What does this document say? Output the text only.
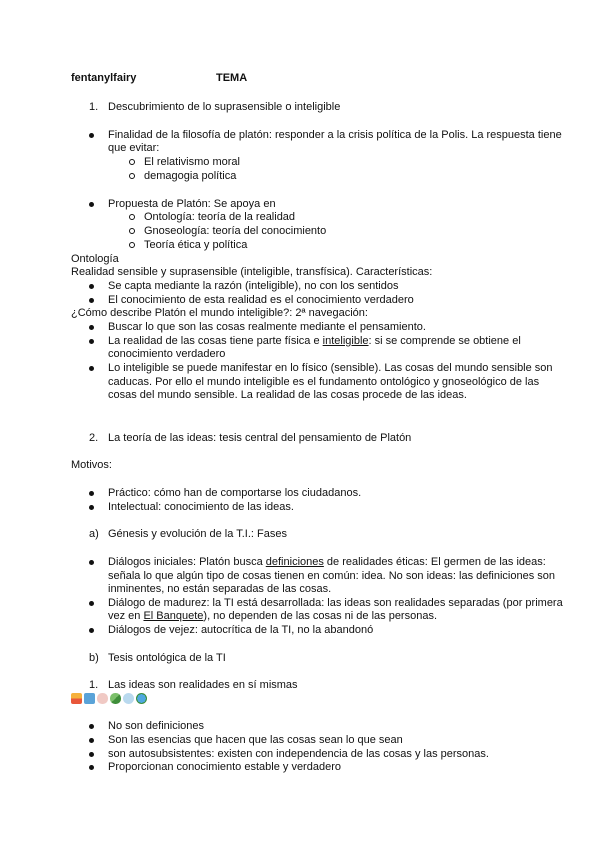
fentanylfairy	TEMA
1. Descubrimiento de lo suprasensible o inteligible
Finalidad de la filosofía de platón: responder a la crisis política de la Polis. La respuesta tiene
que evitar:
El relativismo moral
demagogia política
Propuesta de Platón: Se apoya en
Ontología: teoría de la realidad
Gnoseología: teoría del conocimiento
Teoría ética y política
Ontología
Realidad sensible y suprasensible (inteligible, transfísica). Características:
Se capta mediante la razón (inteligible), no con los sentidos
El conocimiento de esta realidad es el conocimiento verdadero
¿Cómo describe Platón el mundo inteligible?: 2ª navegación:
Buscar lo que son las cosas realmente mediante el pensamiento.
La realidad de las cosas tiene parte física e inteligible: si se comprende se obtiene el
conocimiento verdadero
Lo inteligible se puede manifestar en lo físico (sensible). Las cosas del mundo sensible son
caducas. Por ello el mundo inteligible es el fundamento ontológico y gnoseológico de las
cosas del mundo sensible. La realidad de las cosas procede de las ideas.
2. La teoría de las ideas: tesis central del pensamiento de Platón
Motivos:
Práctico: cómo han de comportarse los ciudadanos.
Intelectual: conocimiento de las ideas.
a) Génesis y evolución de la T.I.: Fases
Diálogos iniciales: Platón busca definiciones de realidades éticas: El germen de las ideas:
señala lo que algún tipo de cosas tienen en común: idea. No son ideas: las definiciones son
inminentes, no están separadas de las cosas.
Diálogo de madurez: la TI está desarrollada: las ideas son realidades separadas (por primera
vez en El Banquete), no dependen de las cosas ni de las personas.
Diálogos de vejez: autocrítica de la TI, no la abandonó
b) Tesis ontológica de la TI
1. Las ideas son realidades en sí mismas
No son definiciones
Son las esencias que hacen que las cosas sean lo que sean
son autosubsistentes: existen con independencia de las cosas y las personas.
Proporcionan conocimiento estable y verdadero
